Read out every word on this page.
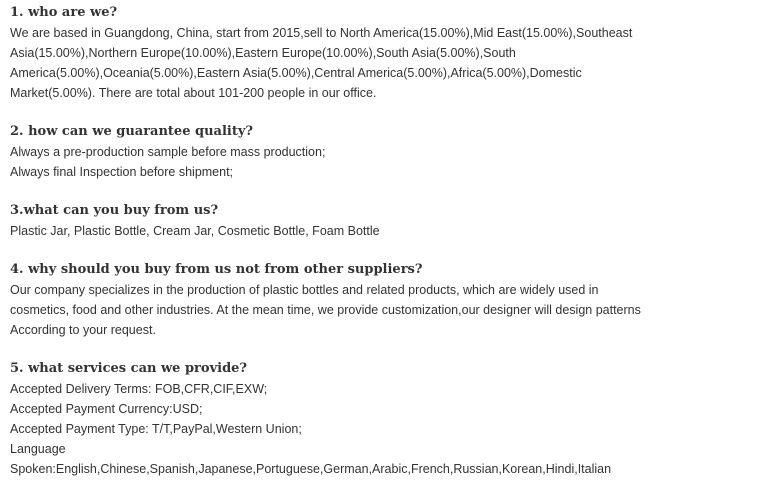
1. who are we?

We are based in Guangdong, China, start from 2015,sell to North America(15.00%),Mid East(15.00%),Southeast
Asia(15.00%),Northern Europe(10.00%),Eastern Europe(10.00%),South Asia(5.00%),South
America(5.00%),Oceania(5.00%),Eastern Asia(5.00%),Central America(5.00%),Africa(5.00%),Domestic
Market(5.00%). There are total about 101-200 people in our office.

2. how can we guarantee quality?

Always a pre-production sample before mass production;
Always final Inspection before shipment;

3.what can you buy from us?

Plastic Jar, Plastic Bottle, Cream Jar, Cosmetic Bottle, Foam Bottle

4. why should you buy from us not from other suppliers?

Our company specializes in the production of plastic bottles and related products, which are widely used in
cosmetics, food and other industries. At the mean time, we provide customization,our designer will design patterns
According to your request.

5. what services can we provide?

Accepted Delivery Terms: FOB,CFR,CIF,EXW;
Accepted Payment Currency:USD;
Accepted Payment Type: T/T,PayPal,Western Union;
Language
Spoken:English,Chinese,Spanish,Japanese,Portuguese,German,Arabic,French,Russian,Korean,Hindi,Italian
